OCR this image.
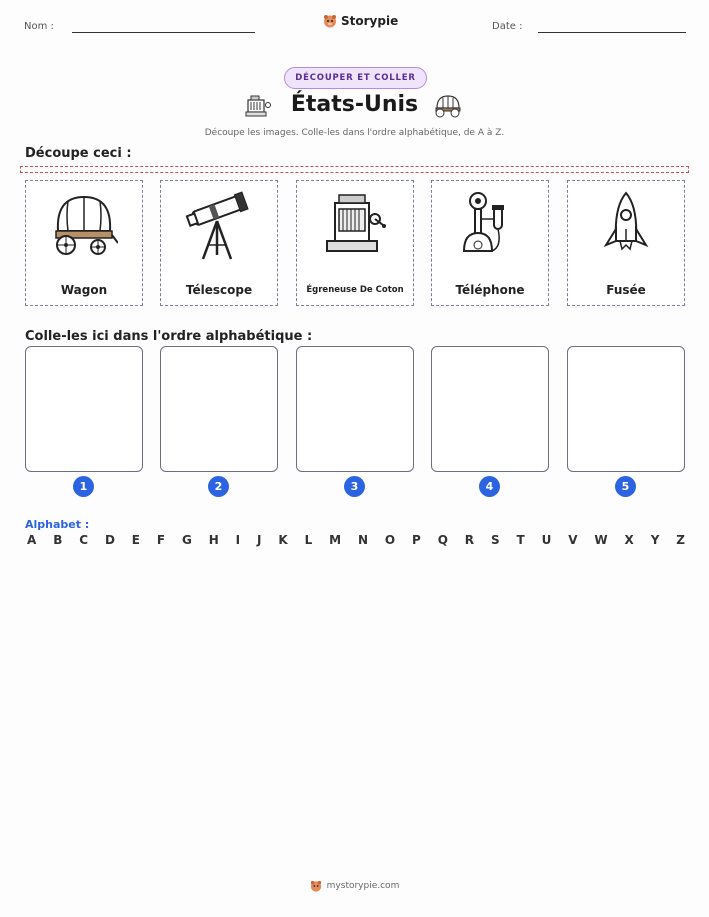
Nom :	Storypie	Date :
DÉCOUPER ET COLLER
États-Unis
Découpe les images. Colle-les dans l'ordre alphabétique, de A à Z.
Découpe ceci :
Wagon	Télescope	Égreneuse De Coton	Téléphone	Fusée
Colle-les ici dans l'ordre alphabétique :
1	2	3	4	5
Alphabet :
A B C D E F G H I J K L M N O P Q R S T U V W X Y Z
mystorypie.com
